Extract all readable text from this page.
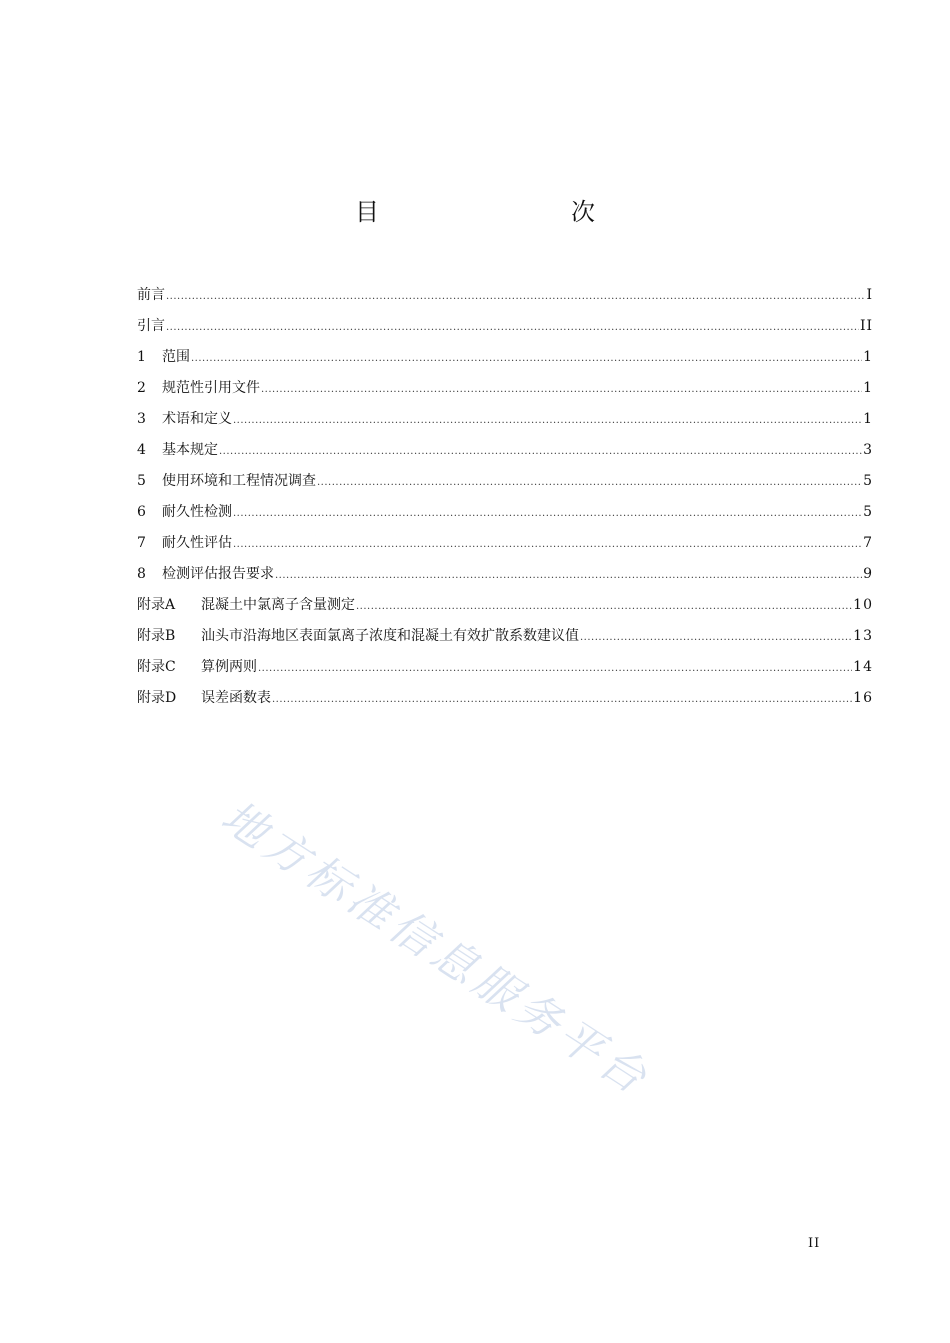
目　　次
前言 .....	I
引言 .....	II
1	范围 .....	1
2	规范性引用文件 .....	1
3	术语和定义 .....	1
4	基本规定 .....	3
5	使用环境和工程情况调查 .....	5
6	耐久性检测 .....	5
7	耐久性评估 .....	7
8	检测评估报告要求 .....	9
附录A	混凝土中氯离子含量测定 .....	10
附录B	汕头市沿海地区表面氯离子浓度和混凝土有效扩散系数建议值 .....	13
附录C	算例两则 .....	14
附录D	误差函数表 .....	16
地方标准信息服务平台
II
